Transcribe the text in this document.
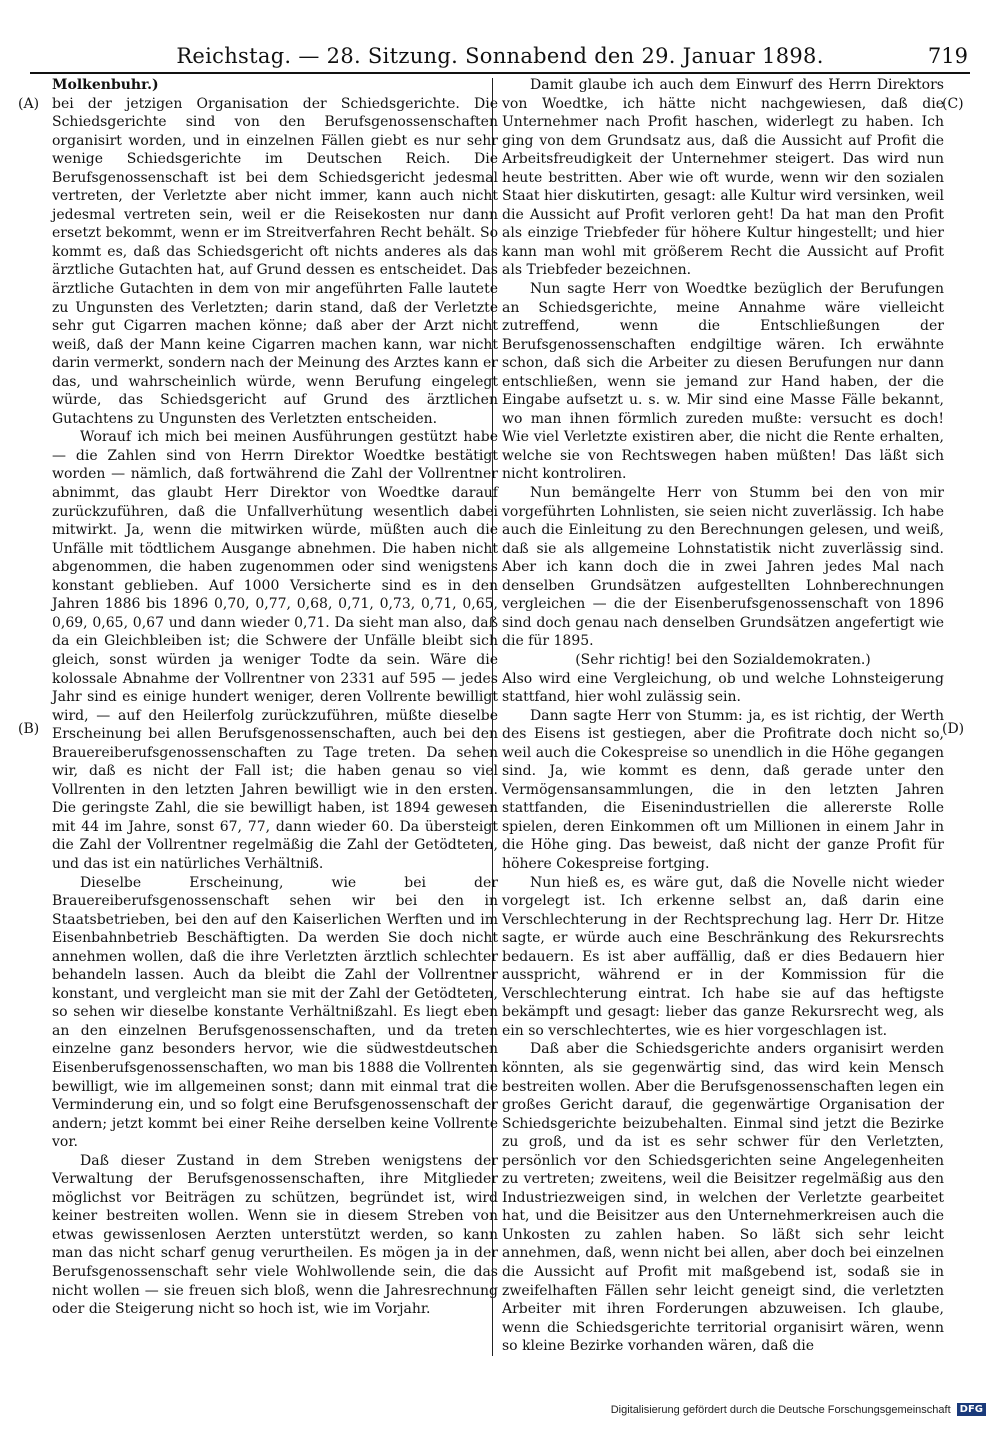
Reichstag. — 28. Sitzung. Sonnabend den 29. Januar 1898.	719
(A)
(B)
(C)
(D)

Molkenbuhr.)

bei der jetzigen Organisation der Schiedsgerichte. Die Schiedsgerichte sind von den Berufsgenossenschaften organisirt worden, und in einzelnen Fällen giebt es nur sehr wenige Schiedsgerichte im Deutschen Reich. Die Berufsgenossenschaft ist bei dem Schiedsgericht jedesmal vertreten, der Verletzte aber nicht immer, kann auch nicht jedesmal vertreten sein, weil er die Reisekosten nur dann ersetzt bekommt, wenn er im Streitverfahren Recht behält. So kommt es, daß das Schiedsgericht oft nichts anderes als das ärztliche Gutachten hat, auf Grund dessen es entscheidet. Das ärztliche Gutachten in dem von mir angeführten Falle lautete zu Ungunsten des Verletzten; darin stand, daß der Verletzte sehr gut Cigarren machen könne; daß aber der Arzt nicht weiß, daß der Mann keine Cigarren machen kann, war nicht darin vermerkt, sondern nach der Meinung des Arztes kann er das, und wahrscheinlich würde, wenn Berufung eingelegt würde, das Schiedsgericht auf Grund des ärztlichen Gutachtens zu Ungunsten des Verletzten entscheiden.

Worauf ich mich bei meinen Ausführungen gestützt habe — die Zahlen sind von Herrn Direktor Woedtke bestätigt worden — nämlich, daß fortwährend die Zahl der Vollrentner abnimmt, das glaubt Herr Direktor von Woedtke darauf zurückzuführen, daß die Unfallverhütung wesentlich dabei mitwirkt. Ja, wenn die mitwirken würde, müßten auch die Unfälle mit tödtlichem Ausgange abnehmen. Die haben nicht abgenommen, die haben zugenommen oder sind wenigstens konstant geblieben. Auf 1000 Versicherte sind es in den Jahren 1886 bis 1896 0,70, 0,77, 0,68, 0,71, 0,73, 0,71, 0,65, 0,69, 0,65, 0,67 und dann wieder 0,71. Da sieht man also, daß da ein Gleichbleiben ist; die Schwere der Unfälle bleibt sich gleich, sonst würden ja weniger Todte da sein. Wäre die kolossale Abnahme der Vollrentner von 2331 auf 595 — jedes Jahr sind es einige hundert weniger, deren Vollrente bewilligt wird, — auf den Heilerfolg zurückzuführen, müßte dieselbe Erscheinung bei allen Berufsgenossenschaften, auch bei den Brauereiberufsgenossenschaften zu Tage treten. Da sehen wir, daß es nicht der Fall ist; die haben genau so viel Vollrenten in den letzten Jahren bewilligt wie in den ersten. Die geringste Zahl, die sie bewilligt haben, ist 1894 gewesen mit 44 im Jahre, sonst 67, 77, dann wieder 60. Da übersteigt die Zahl der Vollrentner regelmäßig die Zahl der Getödteten, und das ist ein natürliches Verhältniß.

Dieselbe Erscheinung, wie bei der Brauereiberufsgenossenschaft sehen wir bei den in Staatsbetrieben, bei den auf den Kaiserlichen Werften und im Eisenbahnbetrieb Beschäftigten. Da werden Sie doch nicht annehmen wollen, daß die ihre Verletzten ärztlich schlechter behandeln lassen. Auch da bleibt die Zahl der Vollrentner konstant, und vergleicht man sie mit der Zahl der Getödteten, so sehen wir dieselbe konstante Verhältnißzahl. Es liegt eben an den einzelnen Berufsgenossenschaften, und da treten einzelne ganz besonders hervor, wie die südwestdeutschen Eisenberufsgenossenschaften, wo man bis 1888 die Vollrenten bewilligt, wie im allgemeinen sonst; dann mit einmal trat die Verminderung ein, und so folgt eine Berufsgenossenschaft der andern; jetzt kommt bei einer Reihe derselben keine Vollrente vor.

Daß dieser Zustand in dem Streben wenigstens der Verwaltung der Berufsgenossenschaften, ihre Mitglieder möglichst vor Beiträgen zu schützen, begründet ist, wird keiner bestreiten wollen. Wenn sie in diesem Streben von etwas gewissenlosen Aerzten unterstützt werden, so kann man das nicht scharf genug verurtheilen. Es mögen ja in der Berufsgenossenschaft sehr viele Wohlwollende sein, die das nicht wollen — sie freuen sich bloß, wenn die Jahresrechnung oder die Steigerung nicht so hoch ist, wie im Vorjahr.

Damit glaube ich auch dem Einwurf des Herrn Direktors von Woedtke, ich hätte nicht nachgewiesen, daß die Unternehmer nach Profit haschen, widerlegt zu haben. Ich ging von dem Grundsatz aus, daß die Aussicht auf Profit die Arbeitsfreudigkeit der Unternehmer steigert. Das wird nun heute bestritten. Aber wie oft wurde, wenn wir den sozialen Staat hier diskutirten, gesagt: alle Kultur wird versinken, weil die Aussicht auf Profit verloren geht! Da hat man den Profit als einzige Triebfeder für höhere Kultur hingestellt; und hier kann man wohl mit größerem Recht die Aussicht auf Profit als Triebfeder bezeichnen.

Nun sagte Herr von Woedtke bezüglich der Berufungen an Schiedsgerichte, meine Annahme wäre vielleicht zutreffend, wenn die Entschließungen der Berufsgenossenschaften endgiltige wären. Ich erwähnte schon, daß sich die Arbeiter zu diesen Berufungen nur dann entschließen, wenn sie jemand zur Hand haben, der die Eingabe aufsetzt u. s. w. Mir sind eine Masse Fälle bekannt, wo man ihnen förmlich zureden mußte: versucht es doch! Wie viel Verletzte existiren aber, die nicht die Rente erhalten, welche sie von Rechtswegen haben müßten! Das läßt sich nicht kontroliren.

Nun bemängelte Herr von Stumm bei den von mir vorgeführten Lohnlisten, sie seien nicht zuverlässig. Ich habe auch die Einleitung zu den Berechnungen gelesen, und weiß, daß sie als allgemeine Lohnstatistik nicht zuverlässig sind. Aber ich kann doch die in zwei Jahren jedes Mal nach denselben Grundsätzen aufgestellten Lohnberechnungen vergleichen — die der Eisenberufsgenossenschaft von 1896 sind doch genau nach denselben Grundsätzen angefertigt wie die für 1895.

(Sehr richtig! bei den Sozialdemokraten.)

Also wird eine Vergleichung, ob und welche Lohnsteigerung stattfand, hier wohl zulässig sein.

Dann sagte Herr von Stumm: ja, es ist richtig, der Werth des Eisens ist gestiegen, aber die Profitrate doch nicht so, weil auch die Cokespreise so unendlich in die Höhe gegangen sind. Ja, wie kommt es denn, daß gerade unter den Vermögensansammlungen, die in den letzten Jahren stattfanden, die Eisenindustriellen die allererste Rolle spielen, deren Einkommen oft um Millionen in einem Jahr in die Höhe ging. Das beweist, daß nicht der ganze Profit für höhere Cokespreise fortging.

Nun hieß es, es wäre gut, daß die Novelle nicht wieder vorgelegt ist. Ich erkenne selbst an, daß darin eine Verschlechterung in der Rechtsprechung lag. Herr Dr. Hitze sagte, er würde auch eine Beschränkung des Rekursrechts bedauern. Es ist aber auffällig, daß er dies Bedauern hier ausspricht, während er in der Kommission für die Verschlechterung eintrat. Ich habe sie auf das heftigste bekämpft und gesagt: lieber das ganze Rekursrecht weg, als ein so verschlechtertes, wie es hier vorgeschlagen ist.

Daß aber die Schiedsgerichte anders organisirt werden könnten, als sie gegenwärtig sind, das wird kein Mensch bestreiten wollen. Aber die Berufsgenossenschaften legen ein großes Gericht darauf, die gegenwärtige Organisation der Schiedsgerichte beizubehalten. Einmal sind jetzt die Bezirke zu groß, und da ist es sehr schwer für den Verletzten, persönlich vor den Schiedsgerichten seine Angelegenheiten zu vertreten; zweitens, weil die Beisitzer regelmäßig aus den Industriezweigen sind, in welchen der Verletzte gearbeitet hat, und die Beisitzer aus den Unternehmerkreisen auch die Unkosten zu zahlen haben. So läßt sich sehr leicht annehmen, daß, wenn nicht bei allen, aber doch bei einzelnen die Aussicht auf Profit mit maßgebend ist, sodaß sie in zweifelhaften Fällen sehr leicht geneigt sind, die verletzten Arbeiter mit ihren Forderungen abzuweisen. Ich glaube, wenn die Schiedsgerichte territorial organisirt wären, wenn so kleine Bezirke vorhanden wären, daß die

Digitalisierung gefördert durch die Deutsche Forschungsgemeinschaft DFG
